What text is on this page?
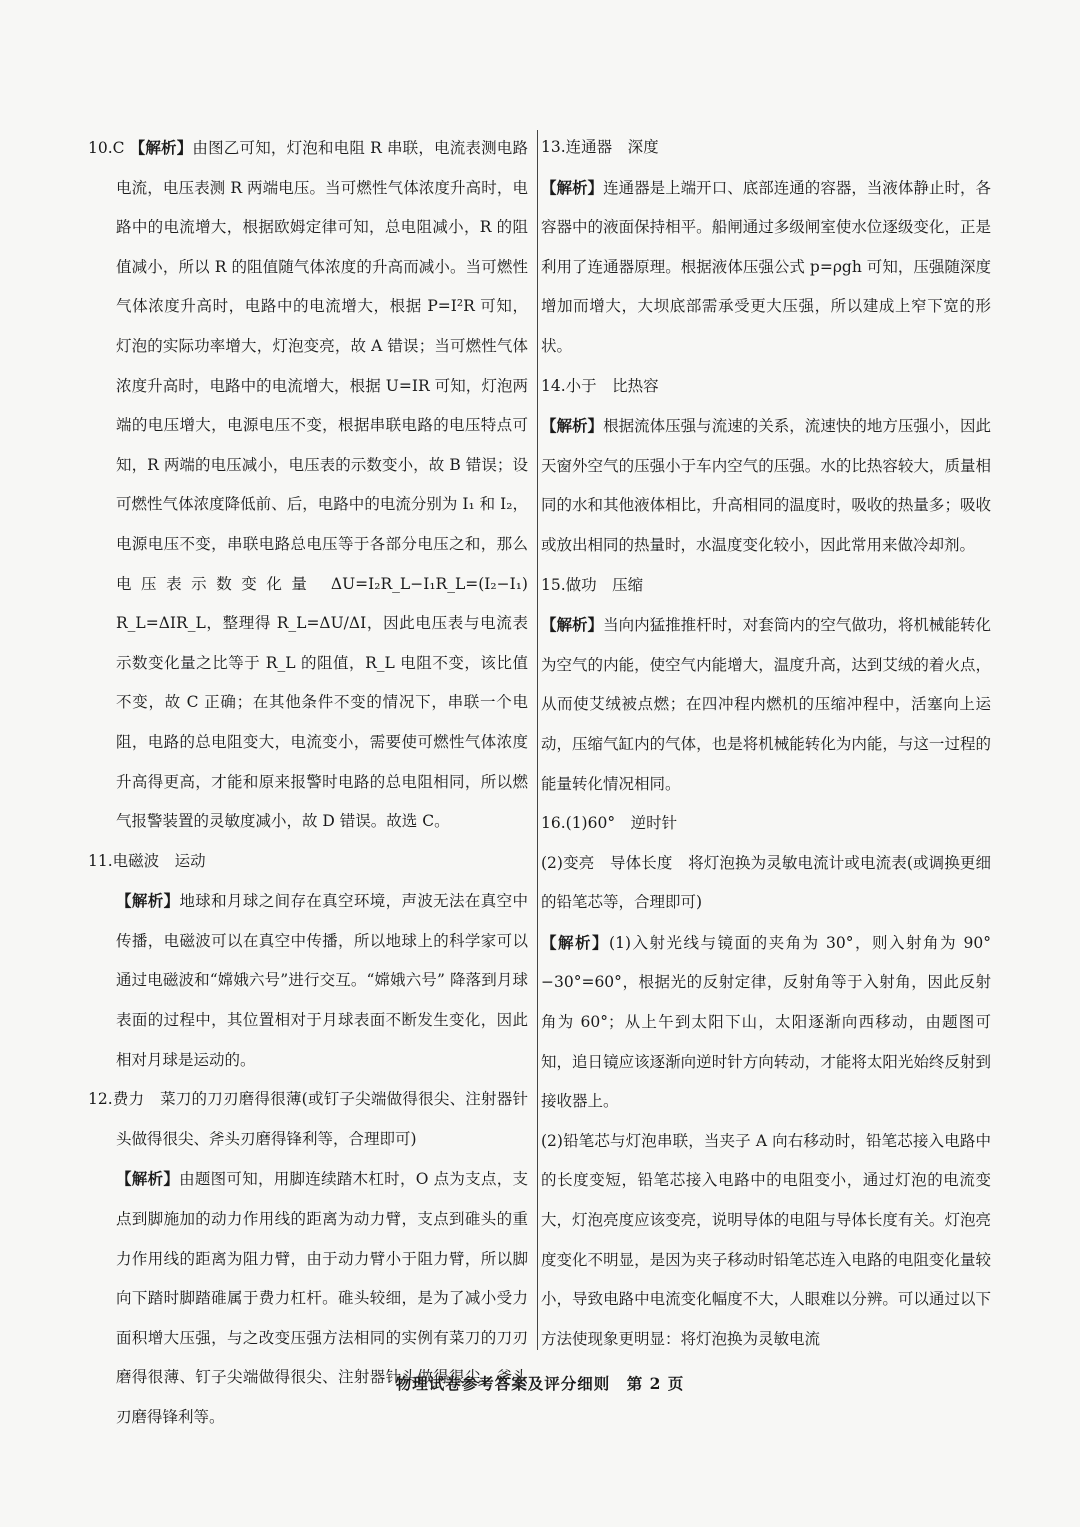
10.C 【解析】由图乙可知，灯泡和电阻 R 串联，电流表测电路电流，电压表测 R 两端电压。当可燃性气体浓度升高时，电路中的电流增大，根据欧姆定律可知，总电阻减小，R 的阻值减小，所以 R 的阻值随气体浓度的升高而减小。当可燃性气体浓度升高时，电路中的电流增大，根据 P=I²R 可知，灯泡的实际功率增大，灯泡变亮，故 A 错误；当可燃性气体浓度升高时，电路中的电流增大，根据 U=IR 可知，灯泡两端的电压增大，电源电压不变，根据串联电路的电压特点可知，R 两端的电压减小，电压表的示数变小，故 B 错误；设可燃性气体浓度降低前、后，电路中的电流分别为 I₁ 和 I₂，电源电压不变，串联电路总电压等于各部分电压之和，那么电压表示数变化量 ΔU=I₂R_L−I₁R_L=(I₂−I₁) R_L=ΔIR_L，整理得 R_L=ΔU/ΔI，因此电压表与电流表示数变化量之比等于 R_L 的阻值，R_L 电阻不变，该比值不变，故 C 正确；在其他条件不变的情况下，串联一个电阻，电路的总电阻变大，电流变小，需要使可燃性气体浓度升高得更高，才能和原来报警时电路的总电阻相同，所以燃气报警装置的灵敏度减小，故 D 错误。故选 C。

11.电磁波　运动

【解析】地球和月球之间存在真空环境，声波无法在真空中传播，电磁波可以在真空中传播，所以地球上的科学家可以通过电磁波和“嫦娥六号”进行交互。“嫦娥六号” 降落到月球表面的过程中，其位置相对于月球表面不断发生变化，因此相对月球是运动的。

12.费力　菜刀的刀刃磨得很薄(或钉子尖端做得很尖、注射器针头做得很尖、斧头刃磨得锋利等，合理即可)

【解析】由题图可知，用脚连续踏木杠时，O 点为支点，支点到脚施加的动力作用线的距离为动力臂，支点到碓头的重力作用线的距离为阻力臂，由于动力臂小于阻力臂，所以脚向下踏时脚踏碓属于费力杠杆。碓头较细，是为了减小受力面积增大压强，与之改变压强方法相同的实例有菜刀的刀刃磨得很薄、钉子尖端做得很尖、注射器针头做得很尖、斧头刃磨得锋利等。

13.连通器　深度

【解析】连通器是上端开口、底部连通的容器，当液体静止时，各容器中的液面保持相平。船闸通过多级闸室使水位逐级变化，正是利用了连通器原理。根据液体压强公式 p=ρgh 可知，压强随深度增加而增大，大坝底部需承受更大压强，所以建成上窄下宽的形状。

14.小于　比热容

【解析】根据流体压强与流速的关系，流速快的地方压强小，因此天窗外空气的压强小于车内空气的压强。水的比热容较大，质量相同的水和其他液体相比，升高相同的温度时，吸收的热量多；吸收或放出相同的热量时，水温度变化较小，因此常用来做冷却剂。

15.做功　压缩

【解析】当向内猛推推杆时，对套筒内的空气做功，将机械能转化为空气的内能，使空气内能增大，温度升高，达到艾绒的着火点，从而使艾绒被点燃；在四冲程内燃机的压缩冲程中，活塞向上运动，压缩气缸内的气体，也是将机械能转化为内能，与这一过程的能量转化情况相同。

16.(1)60°　逆时针

(2)变亮　导体长度　将灯泡换为灵敏电流计或电流表(或调换更细的铅笔芯等，合理即可)

【解析】(1)入射光线与镜面的夹角为 30°，则入射角为 90°−30°=60°，根据光的反射定律，反射角等于入射角，因此反射角为 60°；从上午到太阳下山，太阳逐渐向西移动，由题图可知，追日镜应该逐渐向逆时针方向转动，才能将太阳光始终反射到接收器上。

(2)铅笔芯与灯泡串联，当夹子 A 向右移动时，铅笔芯接入电路中的长度变短，铅笔芯接入电路中的电阻变小，通过灯泡的电流变大，灯泡亮度应该变亮，说明导体的电阻与导体长度有关。灯泡亮度变化不明显，是因为夹子移动时铅笔芯连入电路的电阻变化量较小，导致电路中电流变化幅度不大，人眼难以分辨。可以通过以下方法使现象更明显：将灯泡换为灵敏电流

物理试卷参考答案及评分细则　第 2 页
